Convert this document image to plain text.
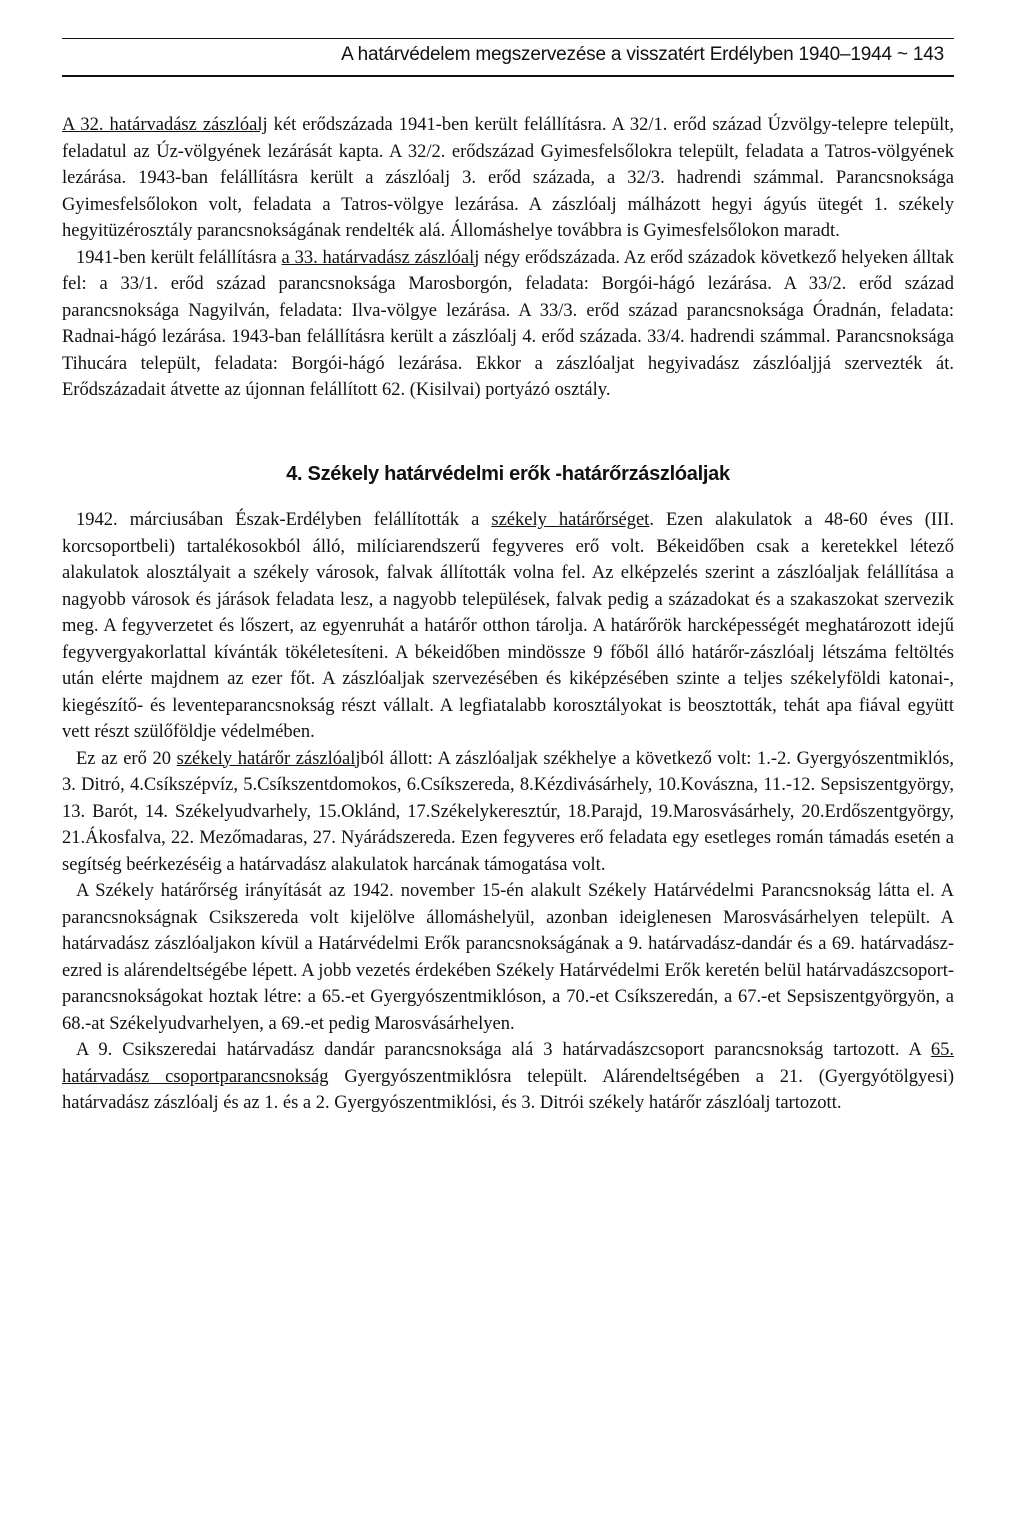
A határvédelem megszervezése a visszatért Erdélyben 1940–1944 ~ 143

A 32. határvadász zászlóalj két erődszázada 1941-ben került felállításra. A 32/1. erőd század Úzvölgy-telepre települt, feladatul az Úz-völgyének lezárását kapta. A 32/2. erődszázad Gyimesfelsőlokra települt, feladata a Tatros-völgyének lezárása. 1943-ban felállításra került a zászlóalj 3. erőd százada, a 32/3. hadrendi számmal. Parancsnoksága Gyimesfelsőlokon volt, feladata a Tatros-völgye lezárása. A zászlóalj málházott hegyi ágyús ütegét 1. székely hegyitüzérosztály parancsnokságának rendelték alá. Állomáshelye továbbra is Gyimesfelsőlokon maradt.

1941-ben került felállításra a 33. határvadász zászlóalj négy erődszázada. Az erőd századok következő helyeken álltak fel: a 33/1. erőd század parancsnoksága Marosborgón, feladata: Borgói-hágó lezárása. A 33/2. erőd század parancsnoksága Nagyilván, feladata: Ilva-völgye lezárása. A 33/3. erőd század parancsnoksága Óradnán, feladata: Radnai-hágó lezárása. 1943-ban felállításra került a zászlóalj 4. erőd százada. 33/4. hadrendi számmal. Parancsnoksága Tihucára települt, feladata: Borgói-hágó lezárása. Ekkor a zászlóaljat hegyivadász zászlóaljjá szervezték át. Erődszázadait átvette az újonnan felállított 62. (Kisilvai) portyázó osztály.

4. Székely határvédelmi erők -határőrzászlóaljak

1942. márciusában Észak-Erdélyben felállították a székely határőrséget. Ezen alakulatok a 48-60 éves (III. korcsoportbeli) tartalékosokból álló, milíciarendszerű fegyveres erő volt. Békeidőben csak a keretekkel létező alakulatok alosztályait a székely városok, falvak állították volna fel. Az elképzelés szerint a zászlóaljak felállítása a nagyobb városok és járások feladata lesz, a nagyobb települések, falvak pedig a századokat és a szakaszokat szervezik meg. A fegyverzetet és lőszert, az egyenruhát a határőr otthon tárolja. A határőrök harcképességét meghatározott idejű fegyvergyakorlattal kívánták tökéletesíteni. A békeidőben mindössze 9 főből álló határőr-zászlóalj létszáma feltöltés után elérte majdnem az ezer főt. A zászlóaljak szervezésében és kiképzésében szinte a teljes székelyföldi katonai-, kiegészítő- és leventeparancsnokság részt vállalt. A legfiatalabb korosztályokat is beosztották, tehát apa fiával együtt vett részt szülőföldje védelmében.

Ez az erő 20 székely határőr zászlóaljból állott: A zászlóaljak székhelye a következő volt: 1.-2. Gyergyószentmiklós, 3. Ditró, 4.Csíkszépvíz, 5.Csíkszentdomokos, 6.Csíkszereda, 8.Kézdivásárhely, 10.Kovászna, 11.-12. Sepsiszentgyörgy, 13. Barót, 14. Székelyudvarhely, 15.Oklánd, 17.Székelykeresztúr, 18.Parajd, 19.Marosvásárhely, 20.Erdőszentgyörgy, 21.Ákosfalva, 22. Mezőmadaras, 27. Nyárádszereda. Ezen fegyveres erő feladata egy esetleges román támadás esetén a segítség beérkezéséig a határvadász alakulatok harcának támogatása volt.

A Székely határőrség irányítását az 1942. november 15-én alakult Székely Határvédelmi Parancsnokság látta el. A parancsnokságnak Csikszereda volt kijelölve állomáshelyül, azonban ideiglenesen Marosvásárhelyen települt. A határvadász zászlóaljakon kívül a Határvédelmi Erők parancsnokságának a 9. határvadász-dandár és a 69. határvadász-ezred is alárendeltségébe lépett. A jobb vezetés érdekében Székely Határvédelmi Erők keretén belül határvadászcsoport-parancsnokságokat hoztak létre: a 65.-et Gyergyószentmiklóson, a 70.-et Csíkszeredán, a 67.-et Sepsiszentgyörgyön, a 68.-at Székelyudvarhelyen, a 69.-et pedig Marosvásárhelyen.

A 9. Csikszeredai határvadász dandár parancsnoksága alá 3 határvadászcsoport parancsnokság tartozott. A 65. határvadász csoportparancsnokság Gyergyószentmiklósra települt. Alárendeltségében a 21. (Gyergyótölgyesi) határvadász zászlóalj és az 1. és a 2. Gyergyószentmiklósi, és 3. Ditrói székely határőr zászlóalj tartozott.
